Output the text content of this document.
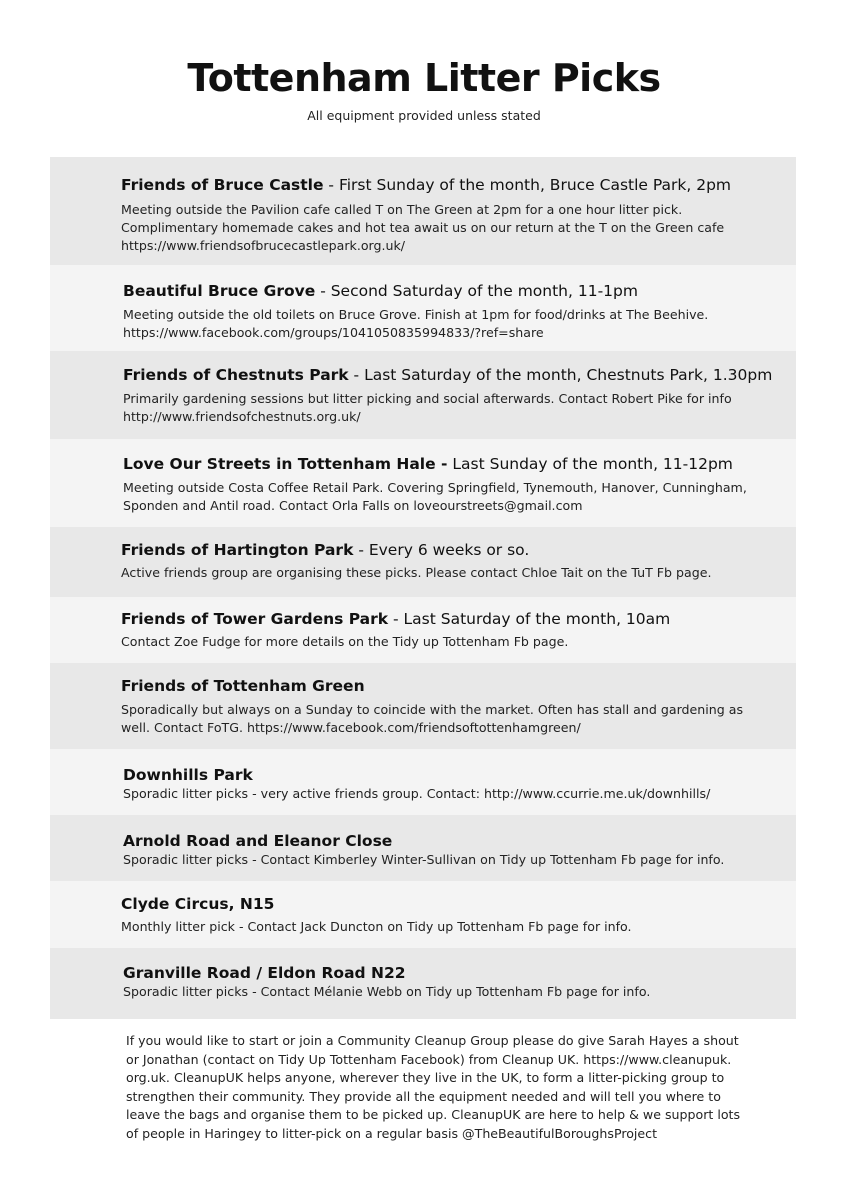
Tottenham Litter Picks
All equipment provided unless stated
Friends of Bruce Castle - First Sunday of the month, Bruce Castle Park, 2pm
Meeting outside the Pavilion cafe called T on The Green at 2pm for a one hour litter pick.
Complimentary homemade cakes and hot tea await us on our return at the T on the Green cafe
https://www.friendsofbrucecastlepark.org.uk/
Beautiful Bruce Grove - Second Saturday of the month, 11-1pm
Meeting outside the old toilets on Bruce Grove. Finish at 1pm for food/drinks at The Beehive.
https://www.facebook.com/groups/1041050835994833/?ref=share
Friends of Chestnuts Park - Last Saturday of the month, Chestnuts Park, 1.30pm
Primarily gardening sessions but litter picking and social afterwards. Contact Robert Pike for info
http://www.friendsofchestnuts.org.uk/
Love Our Streets in Tottenham Hale - Last Sunday of the month, 11-12pm
Meeting outside Costa Coffee Retail Park. Covering Springfield, Tynemouth, Hanover, Cunningham,
Sponden and Antil road. Contact Orla Falls on loveourstreets@gmail.com
Friends of Hartington Park - Every 6 weeks or so.
Active friends group are organising these picks. Please contact Chloe Tait on the TuT Fb page.
Friends of Tower Gardens Park - Last Saturday of the month, 10am
Contact Zoe Fudge for more details on the Tidy up Tottenham Fb page.
Friends of Tottenham Green
Sporadically but always on a Sunday to coincide with the market. Often has stall and gardening as
well. Contact FoTG. https://www.facebook.com/friendsoftottenhamgreen/
Downhills Park
Sporadic litter picks - very active friends group. Contact: http://www.ccurrie.me.uk/downhills/
Arnold Road and Eleanor Close
Sporadic litter picks - Contact Kimberley Winter-Sullivan on Tidy up Tottenham Fb page for info.
Clyde Circus, N15
Monthly litter pick - Contact Jack Duncton on Tidy up Tottenham Fb page for info.
Granville Road / Eldon Road N22
Sporadic litter picks - Contact Mélanie Webb on Tidy up Tottenham Fb page for info.
If you would like to start or join a Community Cleanup Group please do give Sarah Hayes a shout
or Jonathan (contact on Tidy Up Tottenham Facebook) from Cleanup UK. https://www.cleanupuk.
org.uk. CleanupUK helps anyone, wherever they live in the UK, to form a litter-picking group to
strengthen their community. They provide all the equipment needed and will tell you where to
leave the bags and organise them to be picked up. CleanupUK are here to help & we support lots
of people in Haringey to litter-pick on a regular basis @TheBeautifulBoroughsProject
